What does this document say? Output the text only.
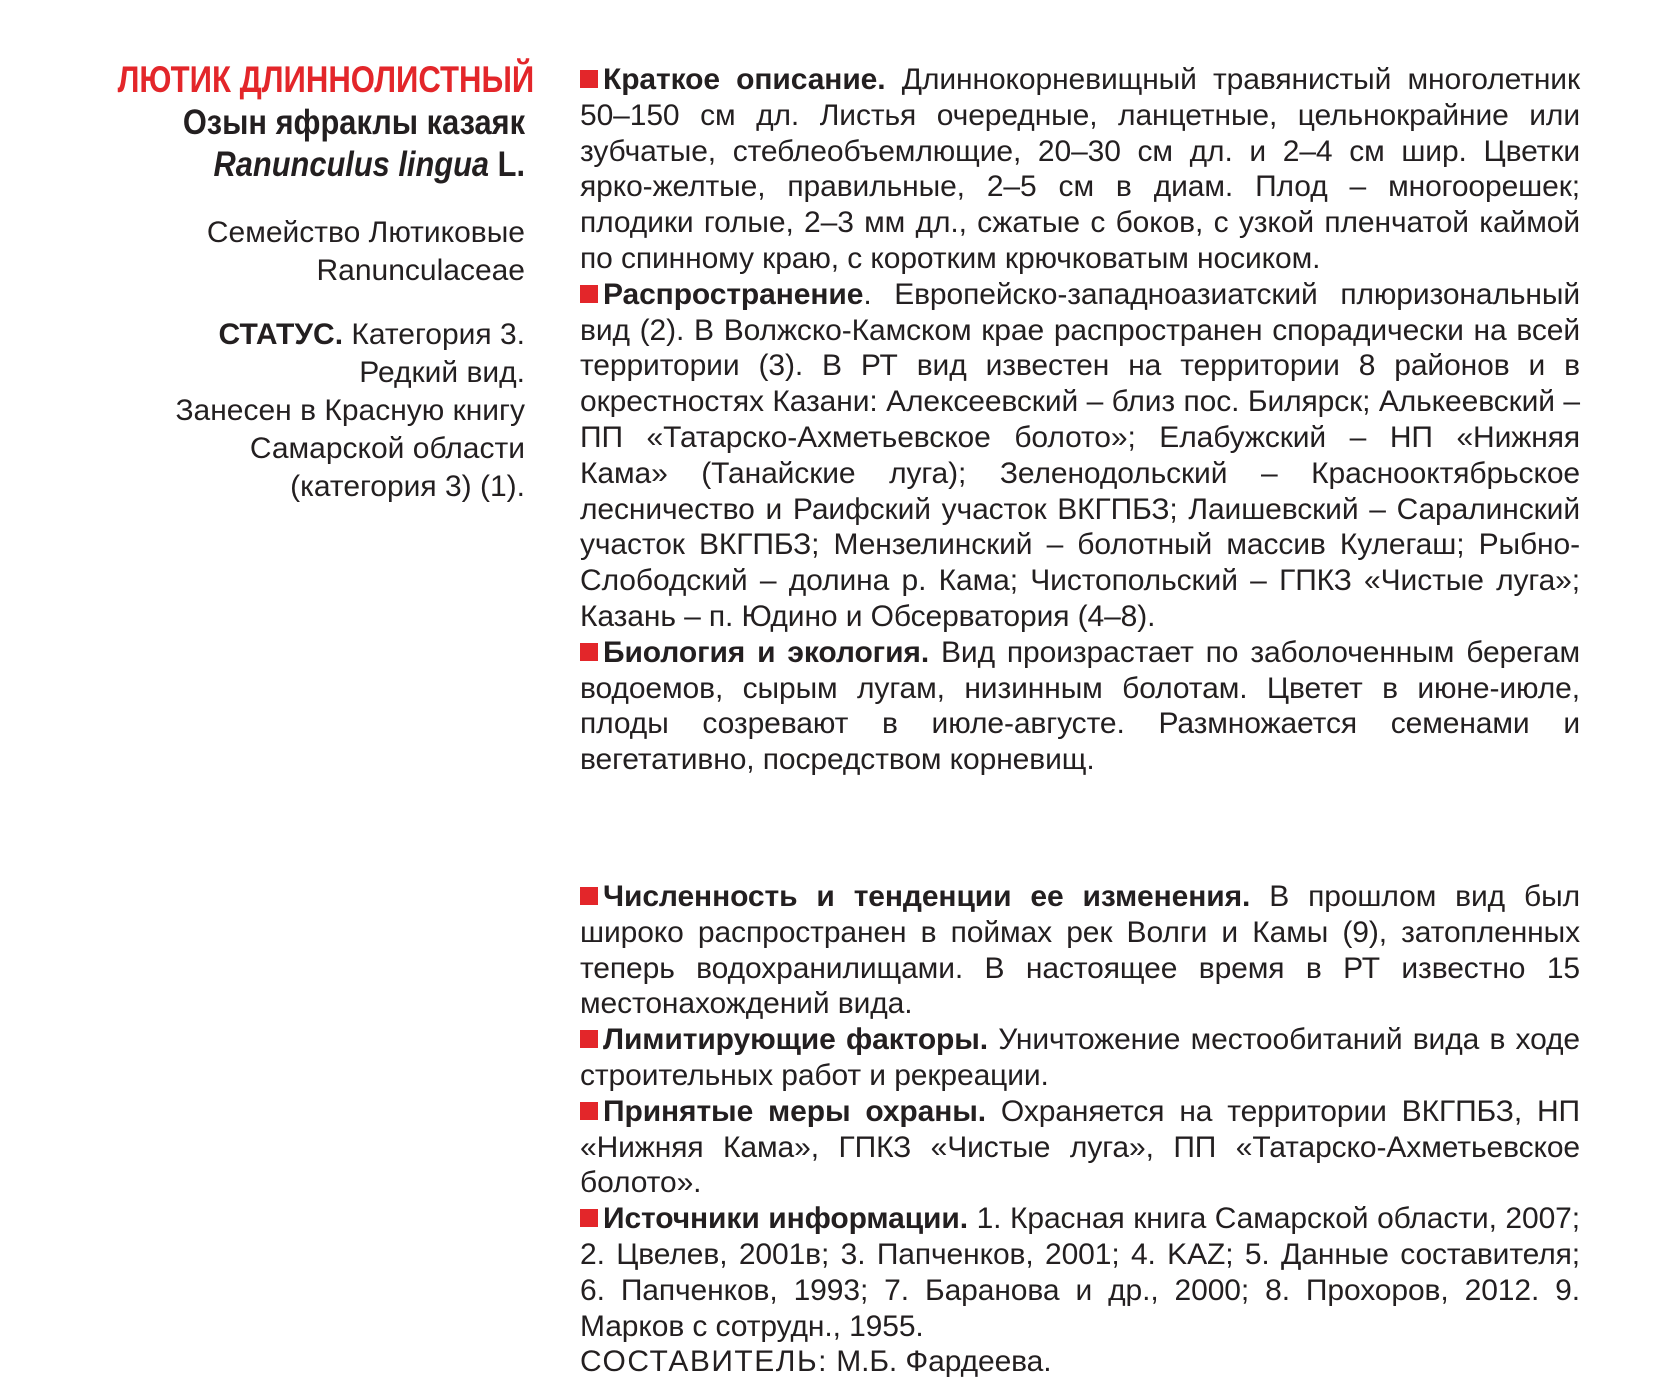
ЛЮТИК ДЛИННОЛИСТНЫЙ
Озын яфраклы казаяк
Ranunculus lingua L.
Семейство Лютиковые
Ranunculaceae
СТАТУС. Категория 3.
Редкий вид.
Занесен в Красную книгу
Самарской области
(категория 3) (1).

Краткое описание. Длиннокорневищный травянистый многолетник 50–150 см дл. Листья очередные, ланцетные, цельнокрайние или зубчатые, стеблеобъемлющие, 20–30 см дл. и 2–4 см шир. Цветки ярко-желтые, правильные, 2–5 см в диам. Плод – многоорешек; плодики голые, 2–3 мм дл., сжатые с боков, с узкой пленчатой каймой по спинному краю, с коротким крючковатым носиком.

Распространение. Европейско-западноазиатский плюризональный вид (2). В Волжско-Камском крае распространен спорадически на всей территории (3). В РТ вид известен на территории 8 районов и в окрестностях Казани: Алексеевский – близ пос. Билярск; Алькеевский – ПП «Татарско-Ахметьевское болото»; Елабужский – НП «Нижняя Кама» (Танайские луга); Зеленодольский – Краснооктябрьское лесничество и Раифский участок ВКГПБЗ; Лаишевский – Саралинский участок ВКГПБЗ; Мензелинский – болотный массив Кулегаш; Рыбно-Слободский – долина р. Кама; Чистопольский – ГПКЗ «Чистые луга»; Казань – п. Юдино и Обсерватория (4–8).

Биология и экология. Вид произрастает по заболоченным берегам водоемов, сырым лугам, низинным болотам. Цветет в июне-июле, плоды созревают в июле-августе. Размножается семенами и вегетативно, посредством корневищ.

Численность и тенденции ее изменения. В прошлом вид был широко распространен в поймах рек Волги и Камы (9), затопленных теперь водохранилищами. В настоящее время в РТ известно 15 местонахождений вида.

Лимитирующие факторы. Уничтожение местообитаний вида в ходе строительных работ и рекреации.

Принятые меры охраны. Охраняется на территории ВКГПБЗ, НП «Нижняя Кама», ГПКЗ «Чистые луга», ПП «Татарско-Ахметьевское болото».

Источники информации. 1. Красная книга Самарской области, 2007; 2. Цвелев, 2001в; 3. Папченков, 2001; 4. KAZ; 5. Данные составителя; 6. Папченков, 1993; 7. Баранова и др., 2000; 8. Прохоров, 2012. 9. Марков с сотрудн., 1955.

СОСТАВИТЕЛЬ: М.Б. Фардеева.
